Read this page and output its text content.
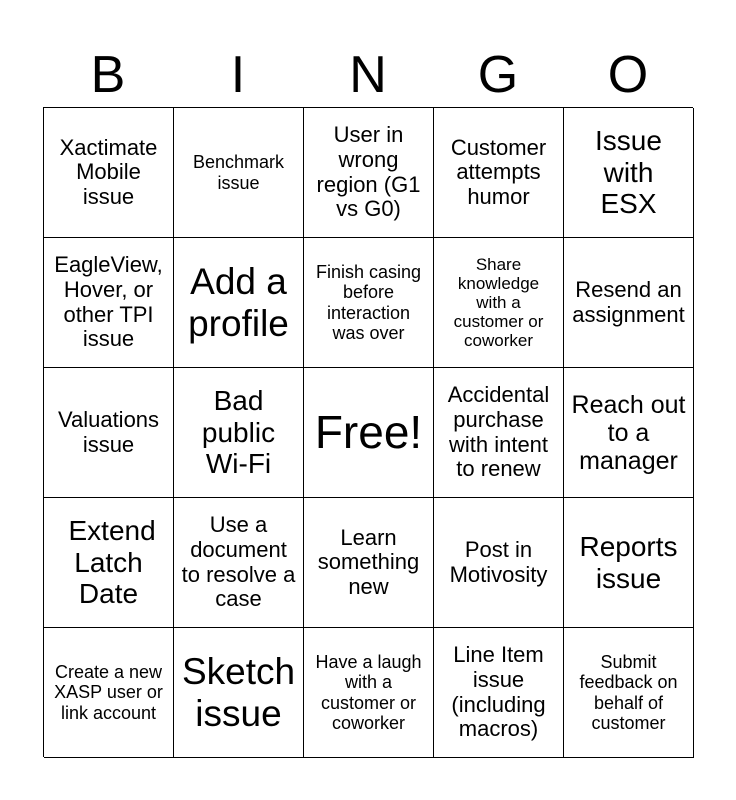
B	I	N	G	O
Xactimate Mobile issue
Benchmark issue
User in wrong region (G1 vs G0)
Customer attempts humor
Issue with ESX
EagleView, Hover, or other TPI issue
Add a profile
Finish casing before interaction was over
Share knowledge with a customer or coworker
Resend an assignment
Valuations issue
Bad public Wi-Fi
Free!
Accidental purchase with intent to renew
Reach out to a manager
Extend Latch Date
Use a document to resolve a case
Learn something new
Post in Motivosity
Reports issue
Create a new XASP user or link account
Sketch issue
Have a laugh with a customer or coworker
Line Item issue (including macros)
Submit feedback on behalf of customer
